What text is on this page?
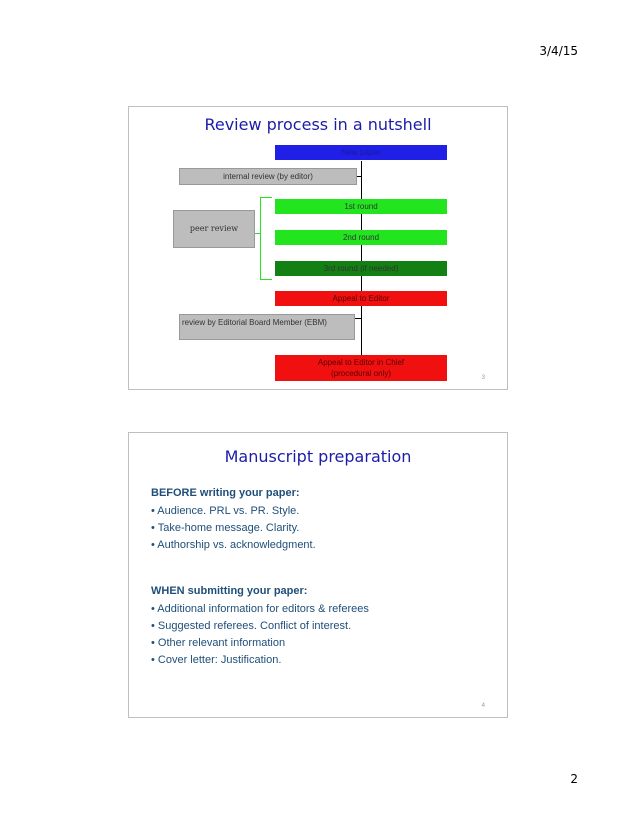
3/4/15
Review process in a nutshell
New paper
internal review (by editor)
peer review
1st round
2nd round
3rd round (if needed)
Appeal to Editor
review by Editorial Board Member (EBM)
Appeal to Editor in Chief
(procedural only)	3
Manuscript preparation
BEFORE writing your paper:
• Audience. PRL vs. PR. Style.
• Take-home message. Clarity.
• Authorship vs. acknowledgment.
WHEN submitting your paper:
• Additional information for editors & referees
• Suggested referees. Conflict of interest.
• Other relevant information
• Cover letter: Justification.
4
2
